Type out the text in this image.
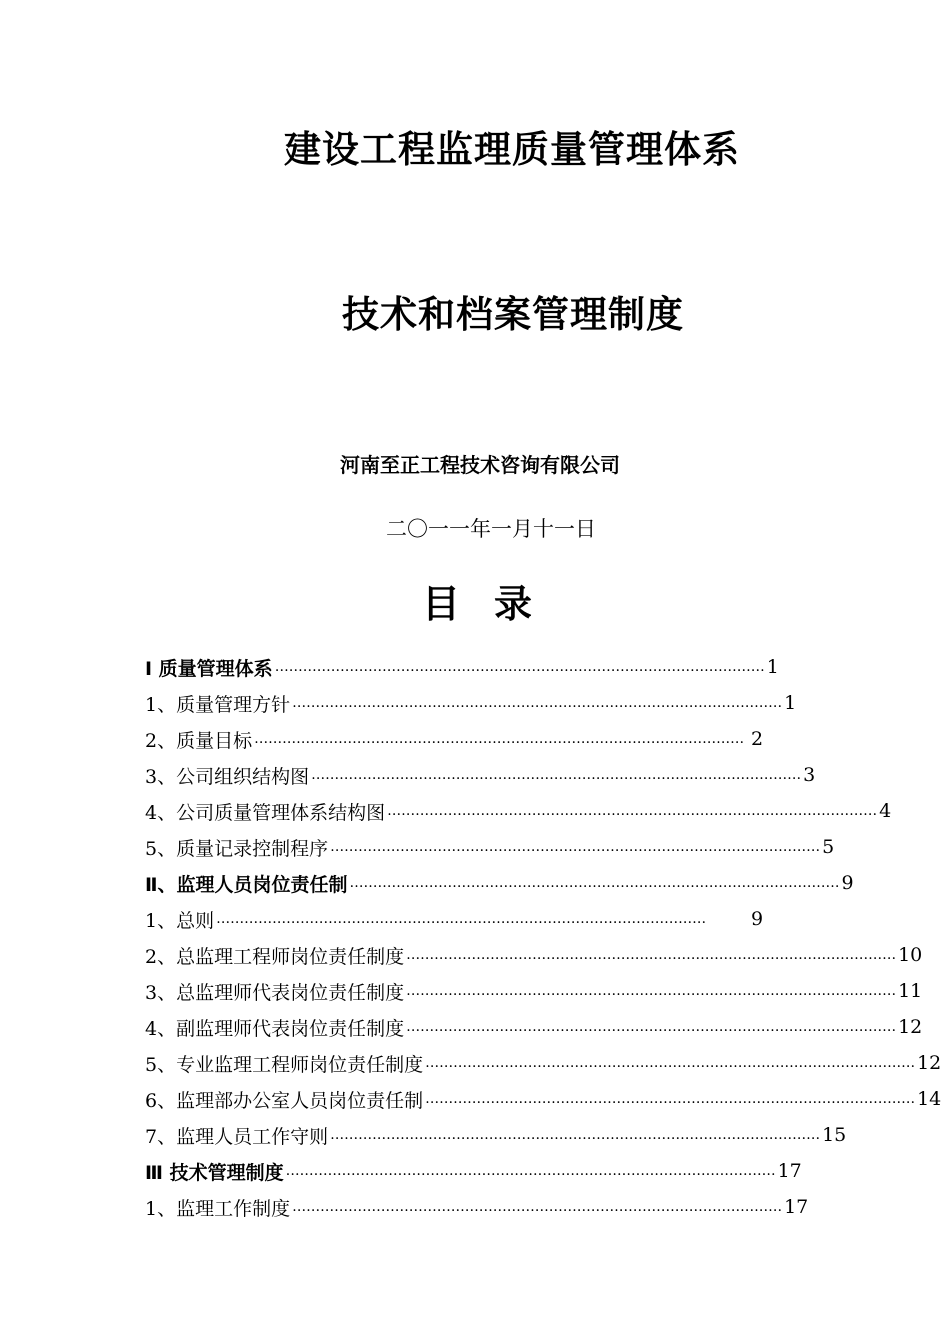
建设工程监理质量管理体系
技术和档案管理制度
河南至正工程技术咨询有限公司
二〇一一年一月十一日
目录
Ⅰ 质量管理体系 …………………………………………………………………………………………… 1
1、质量管理方针 …………………………………………………………………………………………… 1
2、质量目标 …………………………………………………………………………………………… 2
3、公司组织结构图 …………………………………………………………………………………………… 3
4、公司质量管理体系结构图 …………………………………………………………………………………………… 4
5、质量记录控制程序 …………………………………………………………………………………………… 5
Ⅱ、监理人员岗位责任制 …………………………………………………………………………………………… 9
1、总则 ……………………………………………………………………………………………	9
2、总监理工程师岗位责任制度 …………………………………………………………………………………………… 10
3、总监理师代表岗位责任制度 …………………………………………………………………………………………… 11
4、副监理师代表岗位责任制度 …………………………………………………………………………………………… 12
5、专业监理工程师岗位责任制度 …………………………………………………………………………………………… 12
6、监理部办公室人员岗位责任制 …………………………………………………………………………………………… 14
7、监理人员工作守则 …………………………………………………………………………………………… 15
Ⅲ 技术管理制度 …………………………………………………………………………………………… 17
1、监理工作制度 …………………………………………………………………………………………… 17
